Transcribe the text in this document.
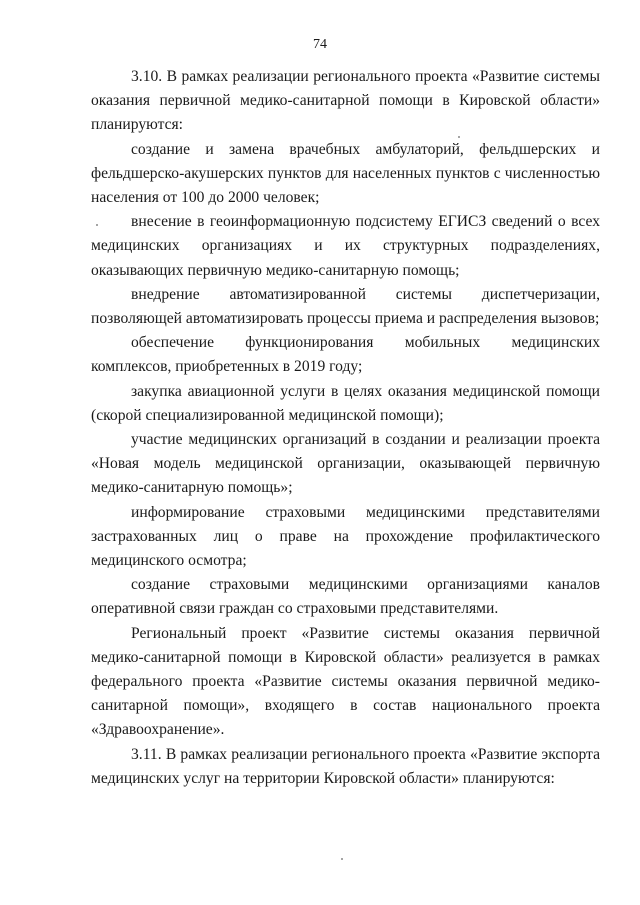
74

3.10. В рамках реализации регионального проекта «Развитие системы оказания первичной медико-санитарной помощи в Кировской области» планируются:

создание и замена врачебных амбулаторий, фельдшерских и фельдшерско-акушерских пунктов для населенных пунктов с численностью населения от 100 до 2000 человек;

внесение в геоинформационную подсистему ЕГИСЗ сведений о всех медицинских организациях и их структурных подразделениях, оказывающих первичную медико-санитарную помощь;

внедрение автоматизированной системы диспетчеризации, позволяющей автоматизировать процессы приема и распределения вызовов;

обеспечение функционирования мобильных медицинских комплексов, приобретенных в 2019 году;

закупка авиационной услуги в целях оказания медицинской помощи (скорой специализированной медицинской помощи);

участие медицинских организаций в создании и реализации проекта «Новая модель медицинской организации, оказывающей первичную медико-санитарную помощь»;

информирование страховыми медицинскими представителями застрахованных лиц о праве на прохождение профилактического медицинского осмотра;

создание страховыми медицинскими организациями каналов оперативной связи граждан со страховыми представителями.

Региональный проект «Развитие системы оказания первичной медико-санитарной помощи в Кировской области» реализуется в рамках федерального проекта «Развитие системы оказания первичной медико-санитарной помощи», входящего в состав национального проекта «Здравоохранение».

3.11. В рамках реализации регионального проекта «Развитие экспорта медицинских услуг на территории Кировской области» планируются:
